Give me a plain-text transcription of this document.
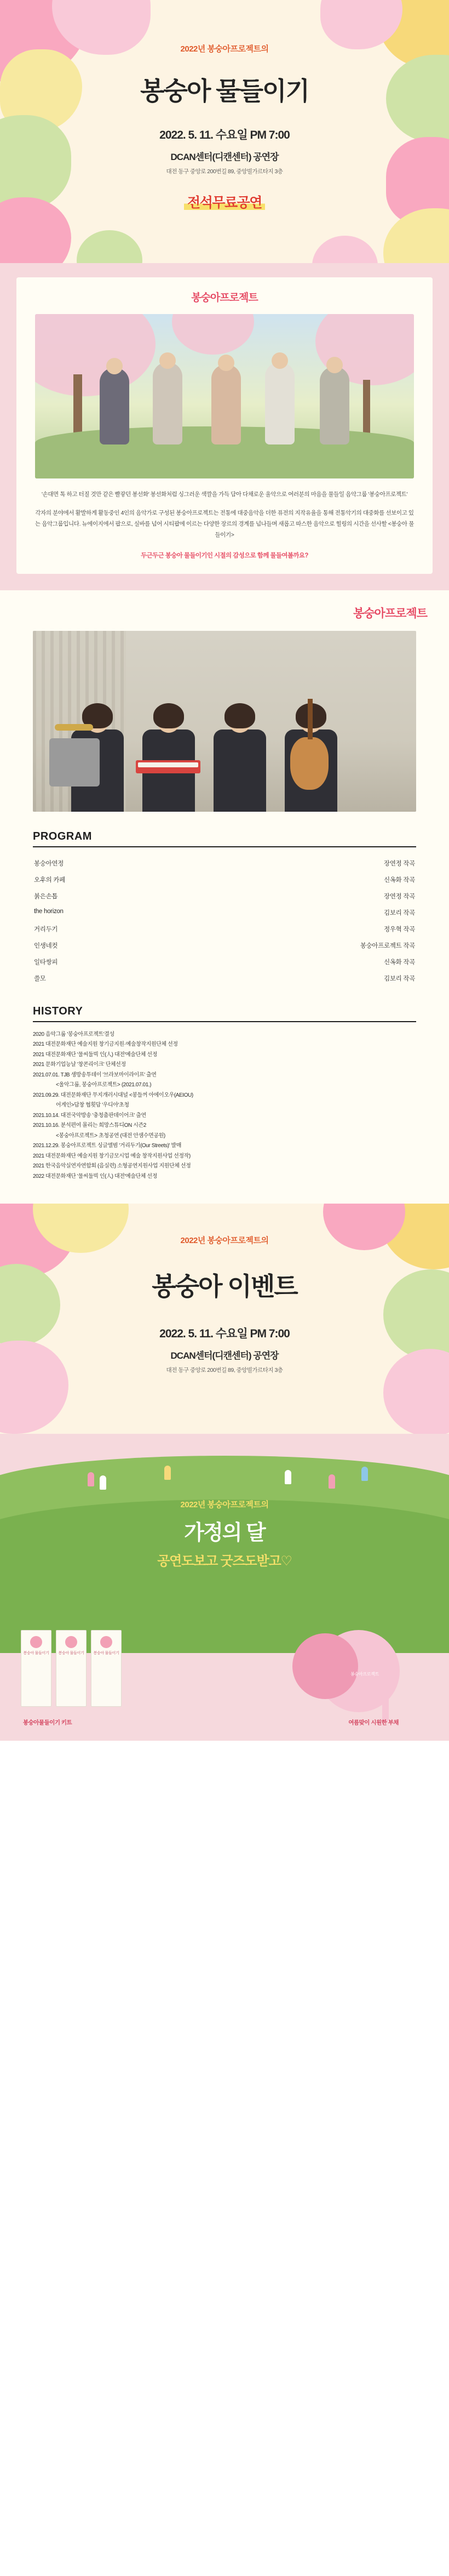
2022년 봉숭아프로젝트의
봉숭아 물들이기
2022. 5. 11. 수요일 PM 7:00
DCAN센터(디캔센터) 공연장
대전 동구 중앙로 200번길 89, 중앙빌가르타지 3층
전석무료공연
봉숭아프로젝트

'손대면 톡 하고 터질 것만 같은 빨갛던 봉선화' 봉선화처럼 싱그러운 색깔을 가득 담아 다채로운 울악으로 여러분의 마음을 물들일 음악그룹 '봉숭아프로젝트'

각자의 분야에서 활발하게 활동중인 4인의 음악가로 구성된 봉숭아프로젝트는 전통에 대중음악을 더한 퓨전의 지작유율을 통해 전통악기의 대중화를 선보이고 있는 음악그룹입니다. 뉴에이지에서 팝으로, 실바를 넘어 시티팝에 이르는 다양한 장르의 경계를 넘나들며 새롭고 따스한 음악으로 힐링의 시간을 선사할 <봉숭아 물들이기>

두근두근 봉숭아 물들이기인 시절의 감성으로 함께 물들여볼까요?
봉숭아프로젝트
PROGRAM
봉숭아연정	장연정 작곡
오후의 카페	신옥화 작곡
붉은손톱	장연정 작곡
the horizon	김보리 작곡
거리두기	정우혁 작곡
인생네컷	봉숭아프로젝트 작곡
일타쌍피	신옥화 작곡
쓸모	김보리 작곡
HISTORY
2020 음악그룹 '봉숭아프로젝트'결성
2021 대전문화재단 예술지원 창기금지원·예술창작지원단체 선정
2021 대전문화재단 '물씨둘빅 인(人) 대전'예술단체 선정
2021 문화기업능날 '창콘리이크' 단체선정
2021.07.01. TJB 생방송투데이 '브라보마이라이프' 출연
<울악그룹, 봉숭아프로젝트> (2021.07.01.)
2021.09.29. 대전문화재단 무지개러시대널 <봉들꺼 아에이오우(AEIOU)
어게인>답창 협횟답 '우디아'초청
2021.10.14. 대전국악방송 '충청춤판데이어크' 출연
2021.10.16. 분석편여 몰리는 희망스튜디ON 시즌2
<봉숭아프로젝트> 초청공연 (대전 안샘수면공원)
2021.12.29. 봉숭아프로젝트 싱글앨범 '거리두기(Our Streets)' 발매
2021 대전문화재단 예술지원 창기금모시업 예술 창작지원사업 선정작)
2021 한국음악실연자연합회 (음실련) 소형공연지원사업 지원단체 선정
2022 대전문화재단 '물씨둘빅 인(人) 대전'예술단체 선정
2022년 봉숭아프로젝트의
봉숭아 이벤트
2022. 5. 11. 수요일 PM 7:00
DCAN센터(디캔센터) 공연장
대전 동구 중앙로 200번길 89, 중앙빌가르타지 3층
2022년 봉숭아프로젝트의
가정의 달
공연도보고 굿즈도받고♡
봉숭아 물들이기	봉숭아 물들이기	봉숭아 물들이기
봉숭아프로젝트
봉숭아물들이기 키트	여름맞이 시원한 부채
